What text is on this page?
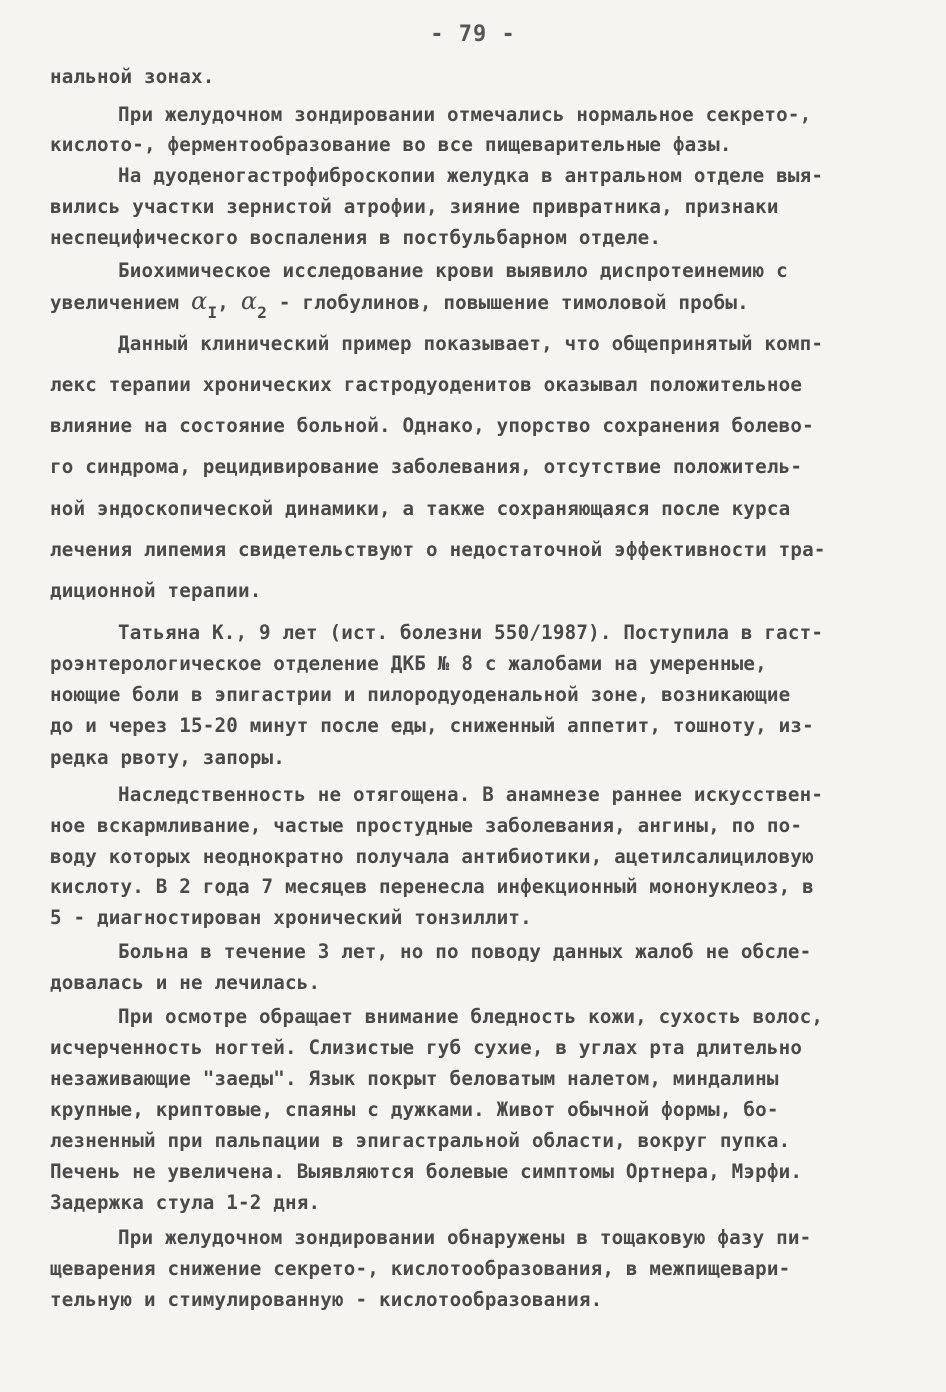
- 79 -
нальной зонах.
При желудочном зондировании отмечались нормальное секрето-,
кислото-, ферментообразование во все пищеварительные фазы.
На дуоденогастрофиброскопии желудка в антральном отделе выя-
вились участки зернистой атрофии, зияние привратника, признаки
неспецифического воспаления в постбульбарном отделе.
Биохимическое исследование крови выявило диспротеинемию с
увеличением $\alpha_I$, $\alpha_2$ - глобулинов, повышение тимоловой пробы.
Данный клинический пример показывает, что общепринятый комп-
лекс терапии хронических гастродуоденитов оказывал положительное
влияние на состояние больной. Однако, упорство сохранения болево-
го синдрома, рецидивирование заболевания, отсутствие положитель-
ной эндоскопической динамики, а также сохраняющаяся после курса
лечения липемия свидетельствуют о недостаточной эффективности тра-
диционной терапии.
Татьяна К., 9 лет (ист. болезни 550/1987). Поступила в гаст-
роэнтерологическое отделение ДКБ № 8 с жалобами на умеренные,
ноющие боли в эпигастрии и пилородуоденальной зоне, возникающие
до и через 15-20 минут после еды, сниженный аппетит, тошноту, из-
редка рвоту, запоры.
Наследственность не отягощена. В анамнезе раннее искусствен-
ное вскармливание, частые простудные заболевания, ангины, по по-
воду которых неоднократно получала антибиотики, ацетилсалициловую
кислоту. В 2 года 7 месяцев перенесла инфекционный мононуклеоз, в
5 - диагностирован хронический тонзиллит.
Больна в течение 3 лет, но по поводу данных жалоб не обсле-
довалась и не лечилась.
При осмотре обращает внимание бледность кожи, сухость волос,
исчерченность ногтей. Слизистые губ сухие, в углах рта длительно
незаживающие "заеды". Язык покрыт беловатым налетом, миндалины
крупные, криптовые, спаяны с дужками. Живот обычной формы, бо-
лезненный при пальпации в эпигастральной области, вокруг пупка.
Печень не увеличена. Выявляются болевые симптомы Ортнера, Мэрфи.
Задержка стула 1-2 дня.
При желудочном зондировании обнаружены в тощаковую фазу пи-
щеварения снижение секрето-, кислотообразования, в межпищевари-
тельную и стимулированную - кислотообразования.
